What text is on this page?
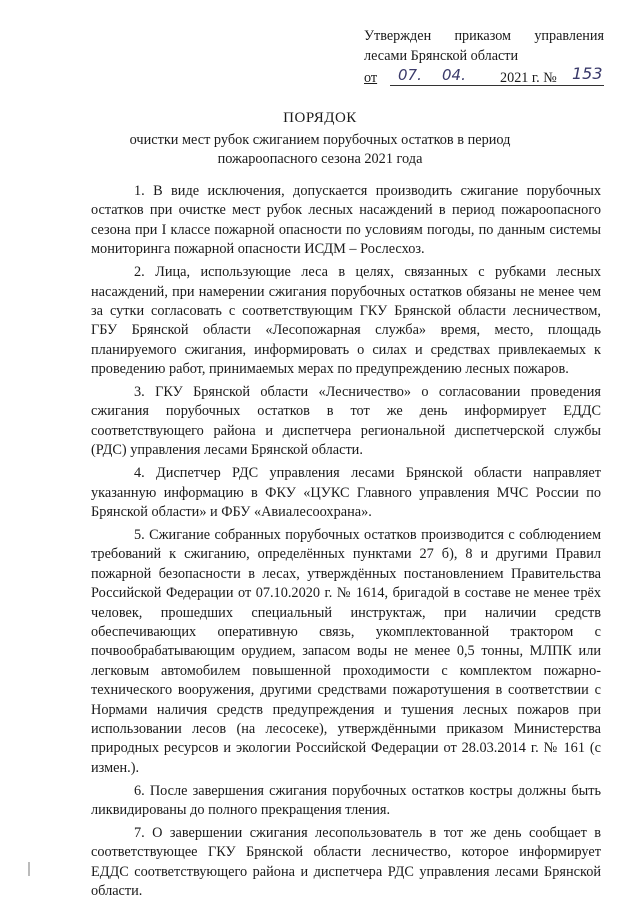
Утвержден приказом управления
лесами Брянской области
от 07. 04. 2021 г. № 153
ПОРЯДОК
очистки мест рубок сжиганием порубочных остатков в период пожароопасного сезона 2021 года

1. В виде исключения, допускается производить сжигание порубочных остатков при очистке мест рубок лесных насаждений в период пожароопасного сезона при I классе пожарной опасности по условиям погоды, по данным системы мониторинга пожарной опасности ИСДМ – Рослесхоз.

2. Лица, использующие леса в целях, связанных с рубками лесных насаждений, при намерении сжигания порубочных остатков обязаны не менее чем за сутки согласовать с соответствующим ГКУ Брянской области лесничеством, ГБУ Брянской области «Лесопожарная служба» время, место, площадь планируемого сжигания, информировать о силах и средствах привлекаемых к проведению работ, принимаемых мерах по предупреждению лесных пожаров.

3. ГКУ Брянской области «Лесничество» о согласовании проведения сжигания порубочных остатков в тот же день информирует ЕДДС соответствующего района и диспетчера региональной диспетчерской службы (РДС) управления лесами Брянской области.

4. Диспетчер РДС управления лесами Брянской области направляет указанную информацию в ФКУ «ЦУКС Главного управления МЧС России по Брянской области» и ФБУ «Авиалесоохрана».

5. Сжигание собранных порубочных остатков производится с соблюдением требований к сжиганию, определённых пунктами 27 б), 8 и другими Правил пожарной безопасности в лесах, утверждённых постановлением Правительства Российской Федерации от 07.10.2020 г. № 1614, бригадой в составе не менее трёх человек, прошедших специальный инструктаж, при наличии средств обеспечивающих оперативную связь, укомплектованной трактором с почвообрабатывающим орудием, запасом воды не менее 0,5 тонны, МЛПК или легковым автомобилем повышенной проходимости с комплектом пожарно-технического вооружения, другими средствами пожаротушения в соответствии с Нормами наличия средств предупреждения и тушения лесных пожаров при использовании лесов (на лесосеке), утверждёнными приказом Министерства природных ресурсов и экологии Российской Федерации от 28.03.2014 г. № 161 (с измен.).

6. После завершения сжигания порубочных остатков костры должны быть ликвидированы до полного прекращения тления.

7. О завершении сжигания лесопользователь в тот же день сообщает в соответствующее ГКУ Брянской области лесничество, которое информирует ЕДДС соответствующего района и диспетчера РДС управления лесами Брянской области.
